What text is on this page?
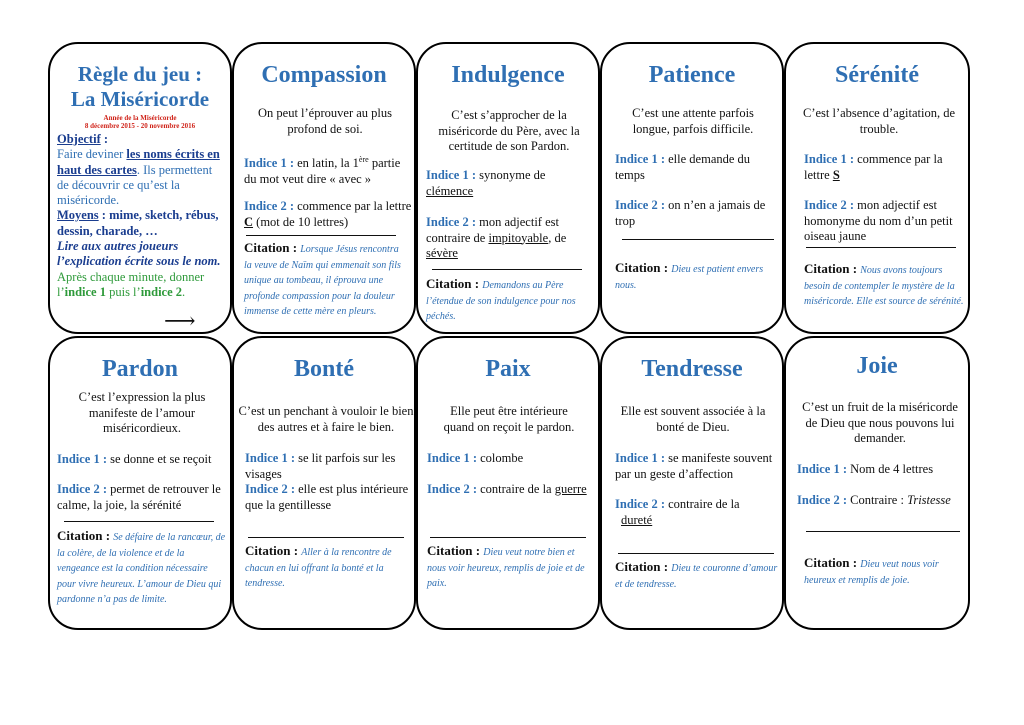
Règle du jeu :
La Miséricorde
Année de la Miséricorde
8 décembre 2015 - 20 novembre 2016
Objectif :
Faire deviner les noms écrits en haut des cartes. Ils permettent de découvrir ce qu’est la miséricorde.
Moyens : mime, sketch, rébus, dessin, charade, …
Lire aux autres joueurs l’explication écrite sous le nom.
Après chaque minute, donner l’indice 1 puis l’indice 2.
⟶
Compassion
On peut l’éprouver au plus profond de soi.
Indice 1 : en latin, la 1ère partie du mot veut dire « avec »
Indice 2 : commence par la lettre C (mot de 10 lettres)
Citation : Lorsque Jésus rencontra la veuve de Naïm qui emmenait son fils unique au tombeau, il éprouva une profonde compassion pour la douleur immense de cette mère en pleurs.
Indulgence
C’est s’approcher de la miséricorde du Père, avec la certitude de son Pardon.
Indice 1 : synonyme de clémence
Indice 2 : mon adjectif est contraire de impitoyable, de sévère
Citation : Demandons au Père l’étendue de son indulgence pour nos péchés.
Patience
C’est une attente parfois longue, parfois difficile.
Indice 1 : elle demande du temps
Indice 2 : on n’en a jamais de trop
Citation : Dieu est patient envers nous.
Sérénité
C’est l’absence d’agitation, de trouble.
Indice 1 : commence par la lettre S
Indice 2 : mon adjectif est homonyme du nom d’un petit oiseau jaune
Citation : Nous avons toujours besoin de contempler le mystère de la miséricorde. Elle est source de sérénité.
Pardon
C’est l’expression la plus manifeste de l’amour miséricordieux.
Indice 1 : se donne et se reçoit
Indice 2 : permet de retrouver le calme, la joie, la sérénité
Citation : Se défaire de la rancœur, de la colère, de la violence et de la vengeance est la condition nécessaire pour vivre heureux. L’amour de Dieu qui pardonne n’a pas de limite.
Bonté
C’est un penchant à vouloir le bien des autres et à faire le bien.
Indice 1 : se lit parfois sur les visages
Indice 2 : elle est plus intérieure que la gentillesse
Citation : Aller à la rencontre de chacun en lui offrant la bonté et la tendresse.
Paix
Elle peut être intérieure quand on reçoit le pardon.
Indice 1 : colombe
Indice 2 : contraire de la guerre
Citation : Dieu veut notre bien et nous voir heureux, remplis de joie et de paix.
Tendresse
Elle est souvent associée à la bonté de Dieu.
Indice 1 : se manifeste souvent par un geste d’affection
Indice 2 : contraire de la
dureté
Citation : Dieu te couronne d’amour et de tendresse.
Joie
C’est un fruit de la miséricorde de Dieu que nous pouvons lui demander.
Indice 1 : Nom de 4 lettres
Indice 2 : Contraire : Tristesse
Citation : Dieu veut nous voir heureux et remplis de joie.
